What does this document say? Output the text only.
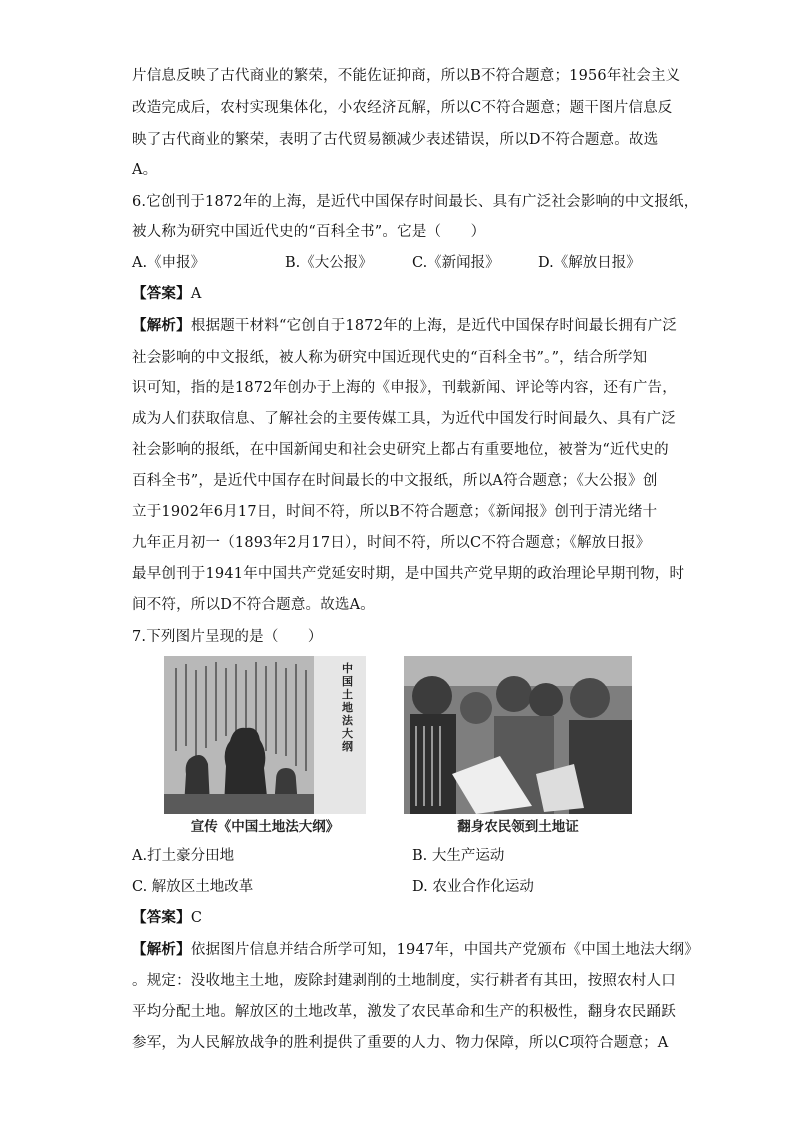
片信息反映了古代商业的繁荣，不能佐证抑商，所以B不符合题意；1956年社会主义
改造完成后，农村实现集体化，小农经济瓦解，所以C不符合题意；题干图片信息反
映了古代商业的繁荣，表明了古代贸易额减少表述错误，所以D不符合题意。故选
A。
6.它创刊于1872年的上海，是近代中国保存时间最长、具有广泛社会影响的中文报纸，
被人称为研究中国近代史的“百科全书”。它是（　　）
A.《申报》	B.《大公报》	C.《新闻报》	D.《解放日报》
【答案】A
【解析】根据题干材料“它创自于1872年的上海，是近代中国保存时间最长拥有广泛
社会影响的中文报纸，被人称为研究中国近现代史的“百科全书”。”，结合所学知
识可知，指的是1872年创办于上海的《申报》，刊载新闻、评论等内容，还有广告，
成为人们获取信息、了解社会的主要传媒工具，为近代中国发行时间最久、具有广泛
社会影响的报纸，在中国新闻史和社会史研究上都占有重要地位，被誉为“近代史的
百科全书”，是近代中国存在时间最长的中文报纸，所以A符合题意；《大公报》创
立于1902年6月17日，时间不符，所以B不符合题意；《新闻报》创刊于清光绪十
九年正月初一（1893年2月17日），时间不符，所以C不符合题意；《解放日报》
最早创刊于1941年中国共产党延安时期，是中国共产党早期的政治理论早期刊物，时
间不符，所以D不符合题意。故选A。
7.下列图片呈现的是（　　）
中国土地法大纲
宣传《中国土地法大纲》	翻身农民领到土地证
A.打土豪分田地	B. 大生产运动
C. 解放区土地改革	D. 农业合作化运动
【答案】C
【解析】依据图片信息并结合所学可知，1947年，中国共产党颁布《中国土地法大纲》
。规定：没收地主土地，废除封建剥削的土地制度，实行耕者有其田，按照农村人口
平均分配土地。解放区的土地改革，激发了农民革命和生产的积极性，翻身农民踊跃
参军，为人民解放战争的胜利提供了重要的人力、物力保障，所以C项符合题意；A
